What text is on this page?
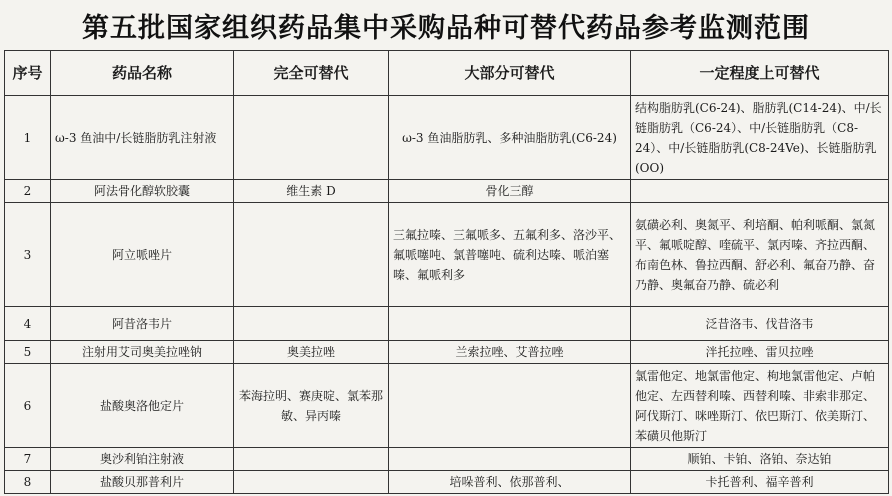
第五批国家组织药品集中采购品种可替代药品参考监测范围
序号	药品名称	完全可替代	大部分可替代	一定程度上可替代
1	ω-3 鱼油中/长链脂肪乳注射液		ω-3 鱼油脂肪乳、多种油脂肪乳(C6-24)	结构脂肪乳(C6-24)、脂肪乳(C14-24)、中/长链脂肪乳（C6-24）、中/长链脂肪乳（C8-24）、中/长链脂肪乳(C8-24Ve)、长链脂肪乳(OO)
2	阿法骨化醇软胶囊	维生素 D	骨化三醇	
3	阿立哌唑片		三氟拉嗪、三氟哌多、五氟利多、洛沙平、氟哌噻吨、氯普噻吨、硫利达嗪、哌泊塞嗪、氟哌利多	氨磺必利、奥氮平、利培酮、帕利哌酮、氯氮平、氟哌啶醇、喹硫平、氯丙嗪、齐拉西酮、布南色林、鲁拉西酮、舒必利、氟奋乃静、奋乃静、奥氟奋乃静、硫必利
4	阿昔洛韦片			泛昔洛韦、伐昔洛韦
5	注射用艾司奥美拉唑钠	奥美拉唑	兰索拉唑、艾普拉唑	泮托拉唑、雷贝拉唑
6	盐酸奥洛他定片	苯海拉明、赛庚啶、氯苯那敏、异丙嗪		氯雷他定、地氯雷他定、枸地氯雷他定、卢帕他定、左西替利嗪、西替利嗪、非索非那定、阿伐斯汀、咪唑斯汀、依巴斯汀、依美斯汀、苯磺贝他斯汀
7	奥沙利铂注射液			顺铂、卡铂、洛铂、奈达铂
8	盐酸贝那普利片		培哚普利、依那普利、	卡托普利、福辛普利
